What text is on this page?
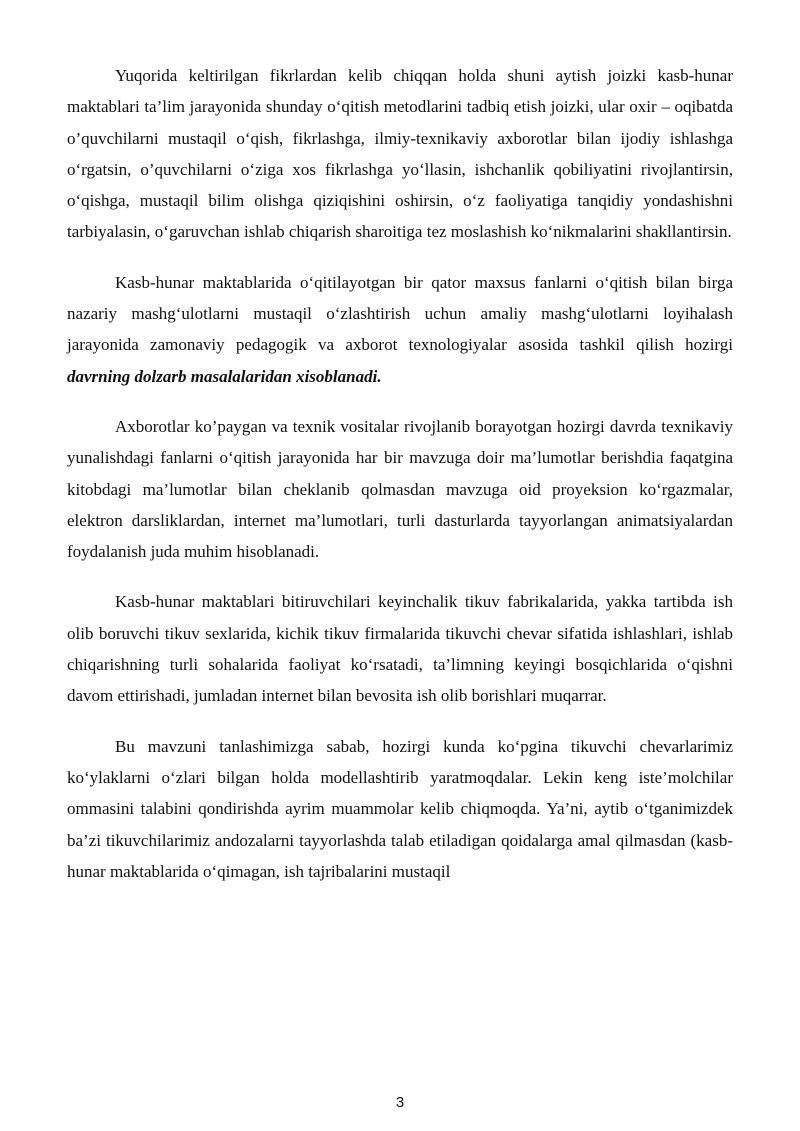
Yuqorida keltirilgan fikrlardan kelib chiqqan holda shuni aytish joizki kasb-hunar maktablari ta’lim jarayonida shunday o‘qitish metodlarini tadbiq etish joizki, ular oxir – oqibatda o’quvchilarni mustaqil o‘qish, fikrlashga, ilmiy-texnikaviy axborotlar bilan ijodiy ishlashga o‘rgatsin, o’quvchilarni o‘ziga xos fikrlashga yo‘llasin, ishchanlik qobiliyatini rivojlantirsin, o‘qishga, mustaqil bilim olishga qiziqishini oshirsin, o‘z faoliyatiga tanqidiy yondashishni tarbiyalasin, o‘garuvchan ishlab chiqarish sharoitiga tez moslashish ko‘nikmalarini shakllantirsin.

Kasb-hunar maktablarida o‘qitilayotgan bir qator maxsus fanlarni o‘qitish bilan birga nazariy mashg‘ulotlarni mustaqil o‘zlashtirish uchun amaliy mashg‘ulotlarni loyihalash jarayonida zamonaviy pedagogik va axborot texnologiyalar asosida tashkil qilish hozirgi davrning dolzarb masalalaridan xisoblanadi.

Axborotlar ko’paygan va texnik vositalar rivojlanib borayotgan hozirgi davrda texnikaviy yunalishdagi fanlarni o‘qitish jarayonida har bir mavzuga doir ma’lumotlar berishdia faqatgina kitobdagi ma’lumotlar bilan cheklanib qolmasdan mavzuga oid proyeksion ko‘rgazmalar, elektron darsliklardan, internet ma’lumotlari, turli dasturlarda tayyorlangan animatsiyalardan foydalanish juda muhim hisoblanadi.

Kasb-hunar maktablari bitiruvchilari keyinchalik tikuv fabrikalarida, yakka tartibda ish olib boruvchi tikuv sexlarida, kichik tikuv firmalarida tikuvchi chevar sifatida ishlashlari, ishlab chiqarishning turli sohalarida faoliyat ko‘rsatadi, ta’limning keyingi bosqichlarida o‘qishni davom ettirishadi, jumladan internet bilan bevosita ish olib borishlari muqarrar.

Bu mavzuni tanlashimizga sabab, hozirgi kunda ko‘pgina tikuvchi chevarlarimiz ko‘ylaklarni o‘zlari bilgan holda modellashtirib yaratmoqdalar. Lekin keng iste’molchilar ommasini talabini qondirishda ayrim muammolar kelib chiqmoqda. Ya’ni, aytib o‘tganimizdek ba’zi tikuvchilarimiz andozalarni tayyorlashda talab etiladigan qoidalarga amal qilmasdan (kasb-hunar maktablarida o‘qimagan, ish tajribalarini mustaqil

3
